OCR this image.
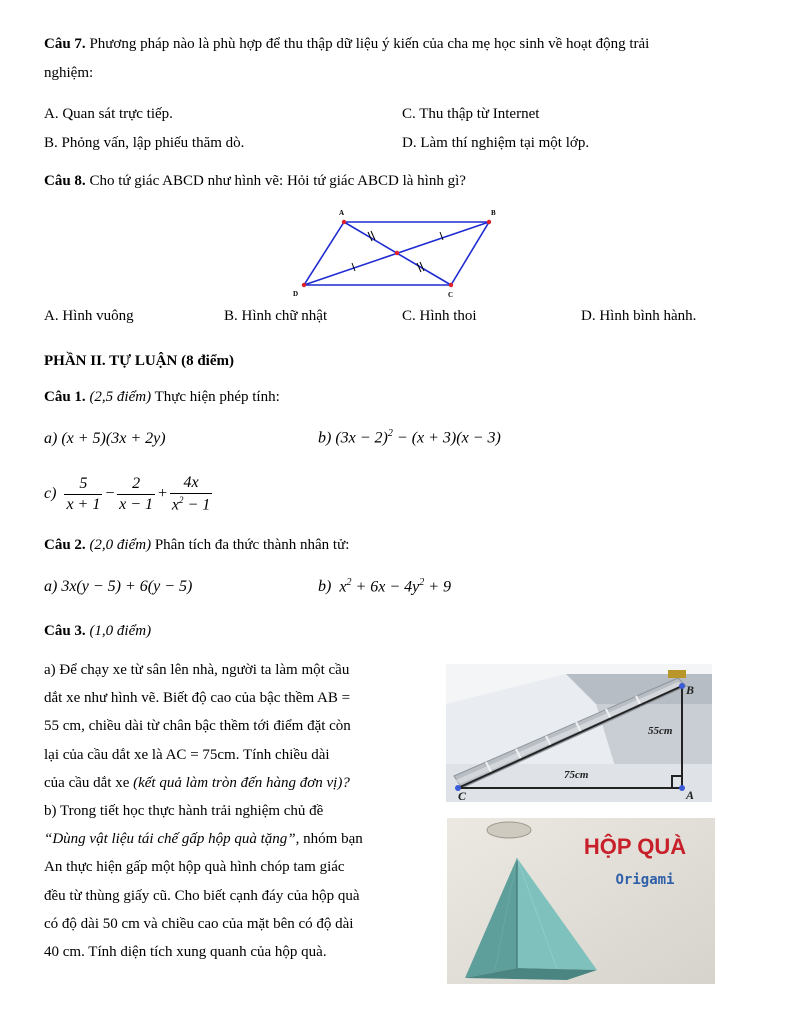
Câu 7. Phương pháp nào là phù hợp để thu thập dữ liệu ý kiến của cha mẹ học sinh về hoạt động trải
nghiệm:
A. Quan sát trực tiếp.	C. Thu thập từ Internet
B. Phỏng vấn, lập phiếu thăm dò.	D. Làm thí nghiệm tại một lớp.
Câu 8. Cho tứ giác ABCD như hình vẽ: Hỏi tứ giác ABCD là hình gì?
A	B
C
D
A. Hình vuông	B. Hình chữ nhật	C. Hình thoi	D. Hình bình hành.
PHẦN II. TỰ LUẬN (8 điểm)
Câu 1. (2,5 điểm) Thực hiện phép tính:
a) (x + 5)(3x + 2y)	b) $(3x - 2)^2 - (x + 3)(x - 3)$
$c) \frac{5}{x + 1} - \frac{2}{x - 1} + \frac{4x}{x^2 - 1}$
Câu 2. (2,0 điểm) Phân tích đa thức thành nhân tử:
a) 3x(y − 5) + 6(y − 5)	b) $x^2 + 6x - 4y^2 + 9$
Câu 3. (1,0 điểm)
a) Để chạy xe từ sân lên nhà, người ta làm một cầu
dắt xe như hình vẽ. Biết độ cao của bậc thềm AB =
55 cm, chiều dài từ chân bậc thềm tới điểm đặt còn
lại của cầu dắt xe là AC = 75cm. Tính chiều dài
của cầu dắt xe (kết quả làm tròn đến hàng đơn vị)?
b) Trong tiết học thực hành trải nghiệm chủ đề
“Dùng vật liệu tái chế gấp hộp quà tặng”, nhóm bạn
An thực hiện gấp một hộp quà hình chóp tam giác
đều từ thùng giấy cũ. Cho biết cạnh đáy của hộp quà
có độ dài 50 cm và chiều cao của mặt bên có độ dài
40 cm. Tính diện tích xung quanh của hộp quà.
B
C	A
55cm
75cm
HỘP QUÀ
Origami
